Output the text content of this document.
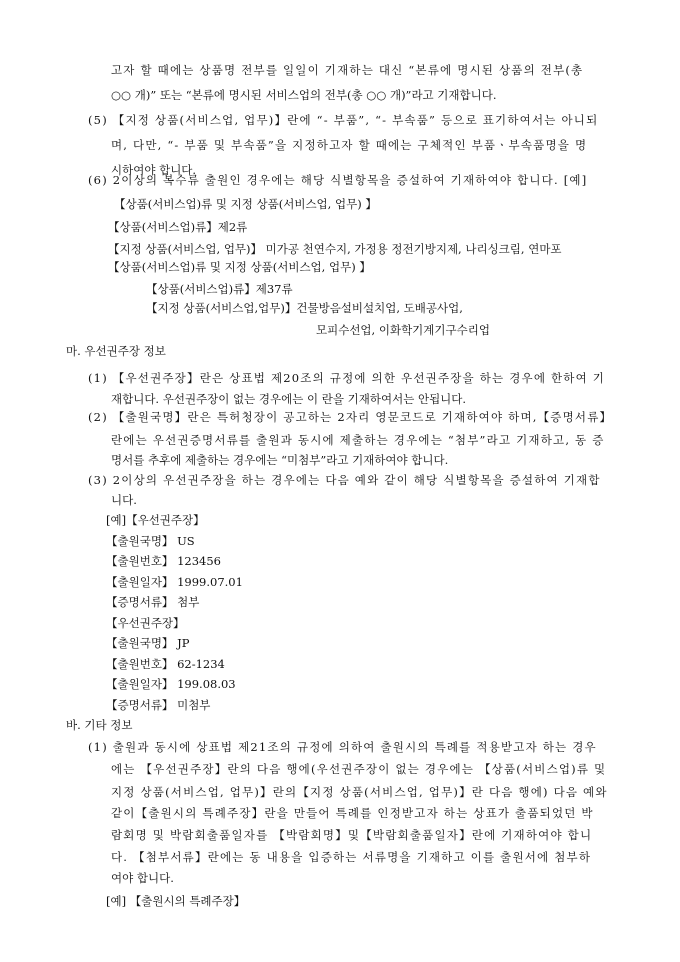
고자 할 때에는 상품명 전부를 일일이 기재하는 대신 “본류에 명시된 상품의 전부(총
○○ 개)” 또는 “본류에 명시된 서비스업의 전부(총 ○○ 개)”라고 기재합니다.
(5) 【지정 상품(서비스업, 업무)】란에 “- 부품”, “- 부속품” 등으로 표기하여서는 아니되
며, 다만, “- 부품 및 부속품”을 지정하고자 할 때에는 구체적인 부품ㆍ부속품명을 명
시하여야 합니다.
(6) 2이상의 복수류 출원인 경우에는 해당 식별항목을 증설하여 기재하여야 합니다. [예]
【상품(서비스업)류 및 지정 상품(서비스업, 업무) 】
【상품(서비스업)류】제2류
【지정 상품(서비스업, 업무)】 미가공 천연수지, 가정용 정전기방지제, 나리싱크림, 연마포
【상품(서비스업)류 및 지정 상품(서비스업, 업무) 】
【상품(서비스업)류】제37류
【지정 상품(서비스업,업무)】건물방음설비설치업, 도배공사업,
모피수선업, 이화학기계기구수리업
마. 우선권주장 정보
(1) 【우선권주장】란은 상표법 제20조의 규정에 의한 우선권주장을 하는 경우에 한하여 기
재합니다. 우선권주장이 없는 경우에는 이 란을 기재하여서는 안됩니다.
(2) 【출원국명】란은 특허청장이 공고하는 2자리 영문코드로 기재하여야 하며,【증명서류】
란에는 우선권증명서류를 출원과 동시에 제출하는 경우에는 “첨부”라고 기재하고, 동 증
명서를 추후에 제출하는 경우에는 “미첨부”라고 기재하여야 합니다.
(3) 2이상의 우선권주장을 하는 경우에는 다음 예와 같이 해당 식별항목을 증설하여 기재합
니다.
[예]【우선권주장】
【출원국명】 US
【출원번호】 123456
【출원일자】 1999.07.01
【증명서류】 첨부
【우선권주장】
【출원국명】 JP
【출원번호】 62-1234
【출원일자】 199.08.03
【증명서류】 미첨부
바. 기타 정보
(1) 출원과 동시에 상표법 제21조의 규정에 의하여 출원시의 특례를 적용받고자 하는 경우
에는 【우선권주장】란의 다음 행에(우선권주장이 없는 경우에는 【상품(서비스업)류 및
지정 상품(서비스업, 업무)】란의【지정 상품(서비스업, 업무)】란 다음 행에) 다음 예와
같이【출원시의 특례주장】란을 만들어 특례를 인정받고자 하는 상표가 출품되었던 박
람회명 및 박람회출품일자를 【박람회명】및【박람회출품일자】란에 기재하여야 합니
다. 【첨부서류】란에는 동 내용을 입증하는 서류명을 기재하고 이를 출원서에 첨부하
여야 합니다.
[예] 【출원시의 특례주장】
